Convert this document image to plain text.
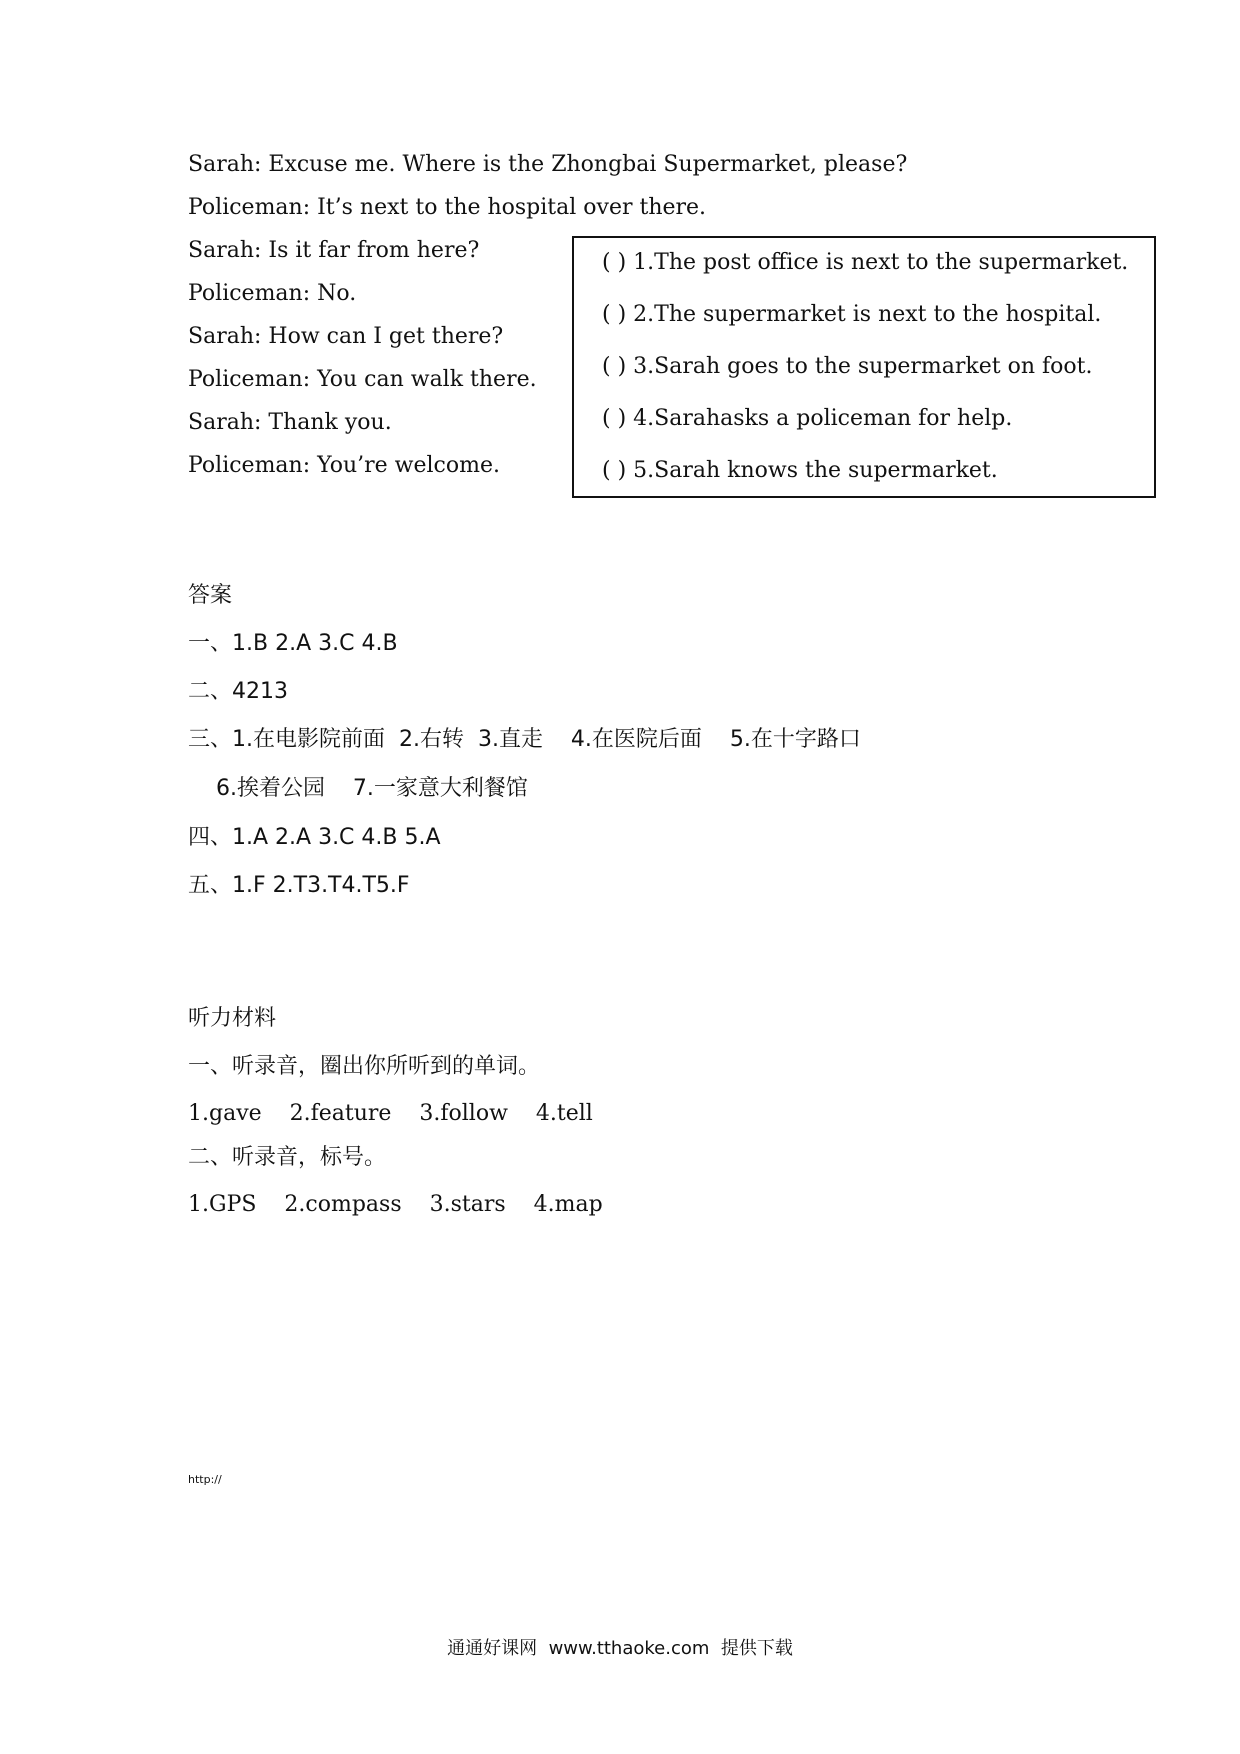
Sarah: Excuse me. Where is the Zhongbai Supermarket, please?
Policeman: It’s next to the hospital over there.
Sarah: Is it far from here?
Policeman: No.
Sarah: How can I get there?
Policeman: You can walk there.
Sarah: Thank you.
Policeman: You’re welcome.
( ) 1.The post office is next to the supermarket.
( ) 2.The supermarket is next to the hospital.
( ) 3.Sarah goes to the supermarket on foot.
( ) 4.Sarahasks a policeman for help.
( ) 5.Sarah knows the supermarket.
答案
一、1.B 2.A 3.C 4.B
二、4213
三、1.在电影院前面  2.右转  3.直走    4.在医院后面    5.在十字路口
6.挨着公园    7.一家意大利餐馆
四、1.A 2.A 3.C 4.B 5.A
五、1.F 2.T3.T4.T5.F
听力材料
一、听录音，圈出你所听到的单词。
1.gave    2.feature    3.follow    4.tell
二、听录音，标号。
1.GPS    2.compass    3.stars    4.map
http://
通通好课网  www.tthaoke.com  提供下载
